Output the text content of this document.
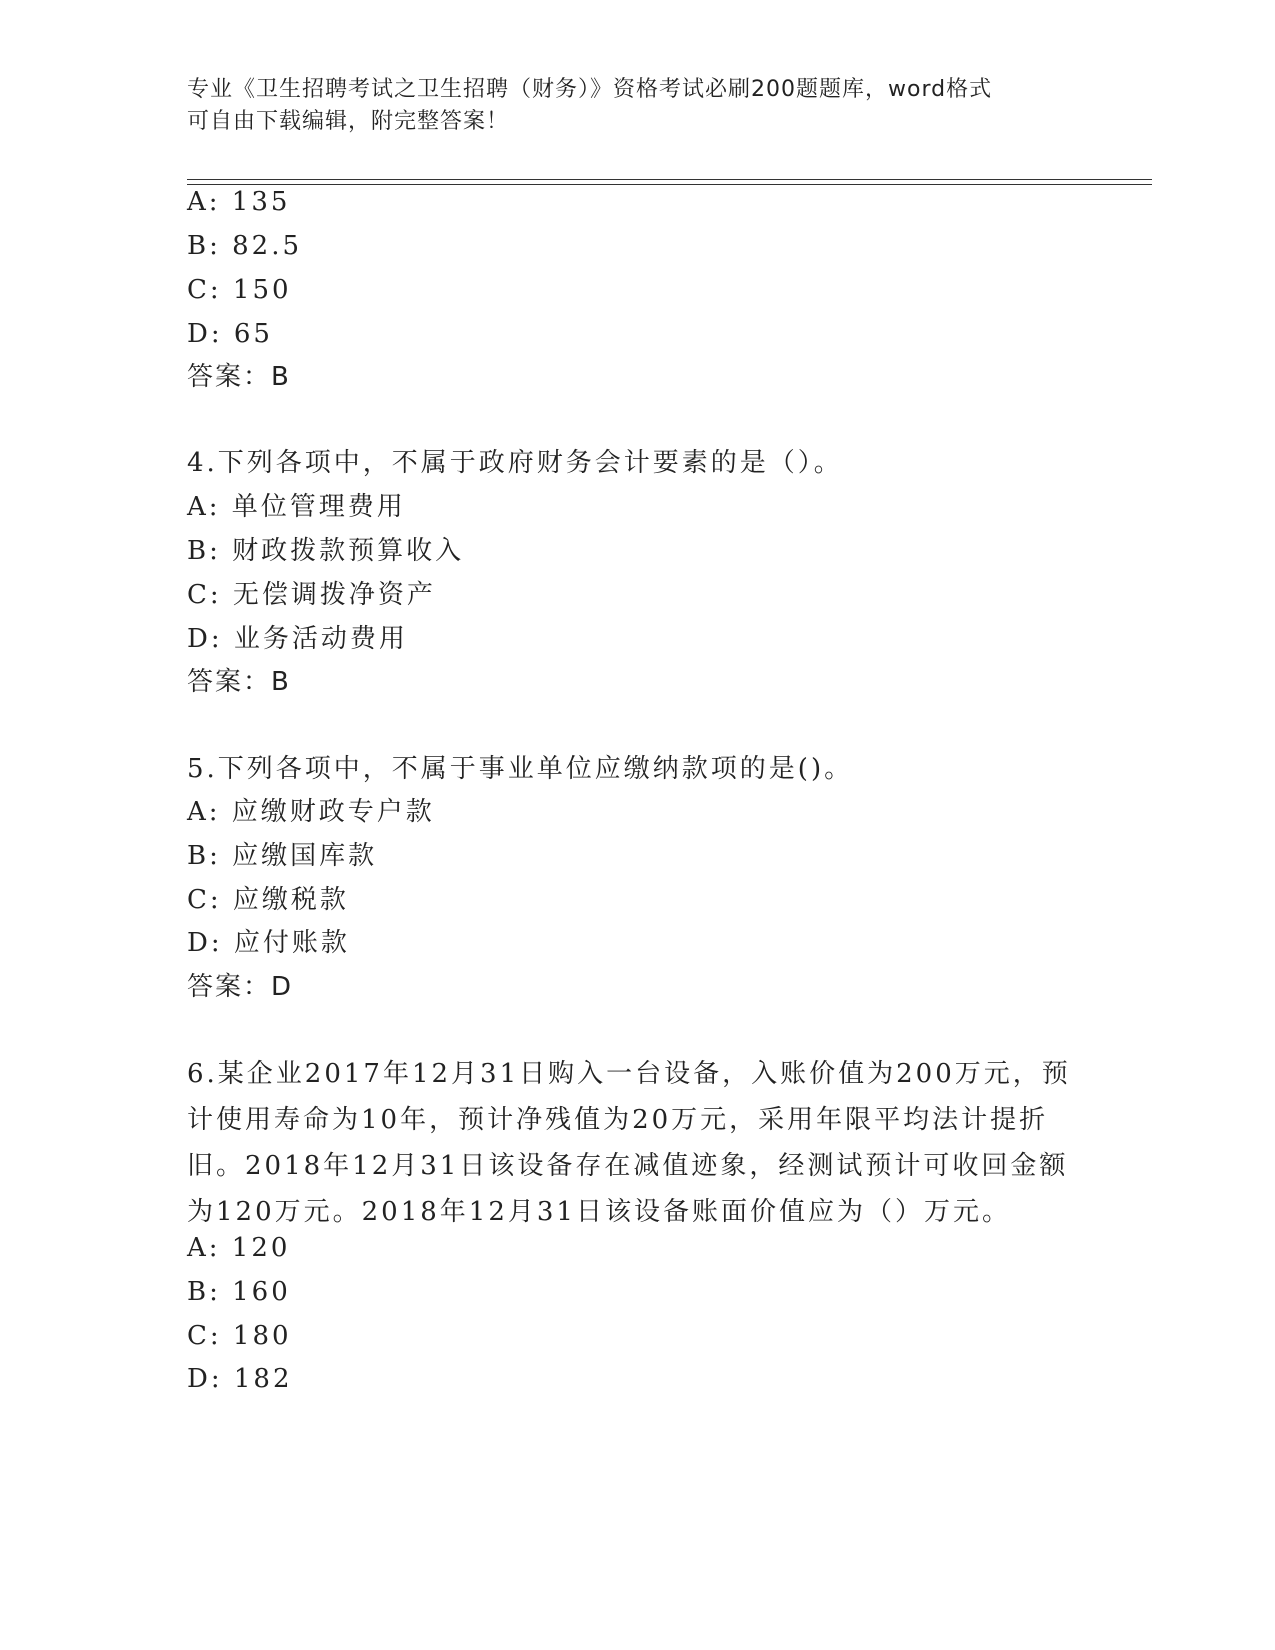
专业《卫生招聘考试之卫生招聘（财务）》资格考试必刷200题题库，word格式
可自由下载编辑，附完整答案！
A: 135
B: 82.5
C: 150
D: 65
答案：B
4.下列各项中，不属于政府财务会计要素的是（）。
A: 单位管理费用
B: 财政拨款预算收入
C: 无偿调拨净资产
D: 业务活动费用
答案：B
5.下列各项中，不属于事业单位应缴纳款项的是()。
A: 应缴财政专户款
B: 应缴国库款
C: 应缴税款
D: 应付账款
答案：D
6.某企业2017年12月31日购入一台设备，入账价值为200万元，预计使用寿命为10年，预计净残值为20万元，采用年限平均法计提折旧。2018年12月31日该设备存在减值迹象，经测试预计可收回金额为120万元。2018年12月31日该设备账面价值应为（）万元。
A: 120
B: 160
C: 180
D: 182
